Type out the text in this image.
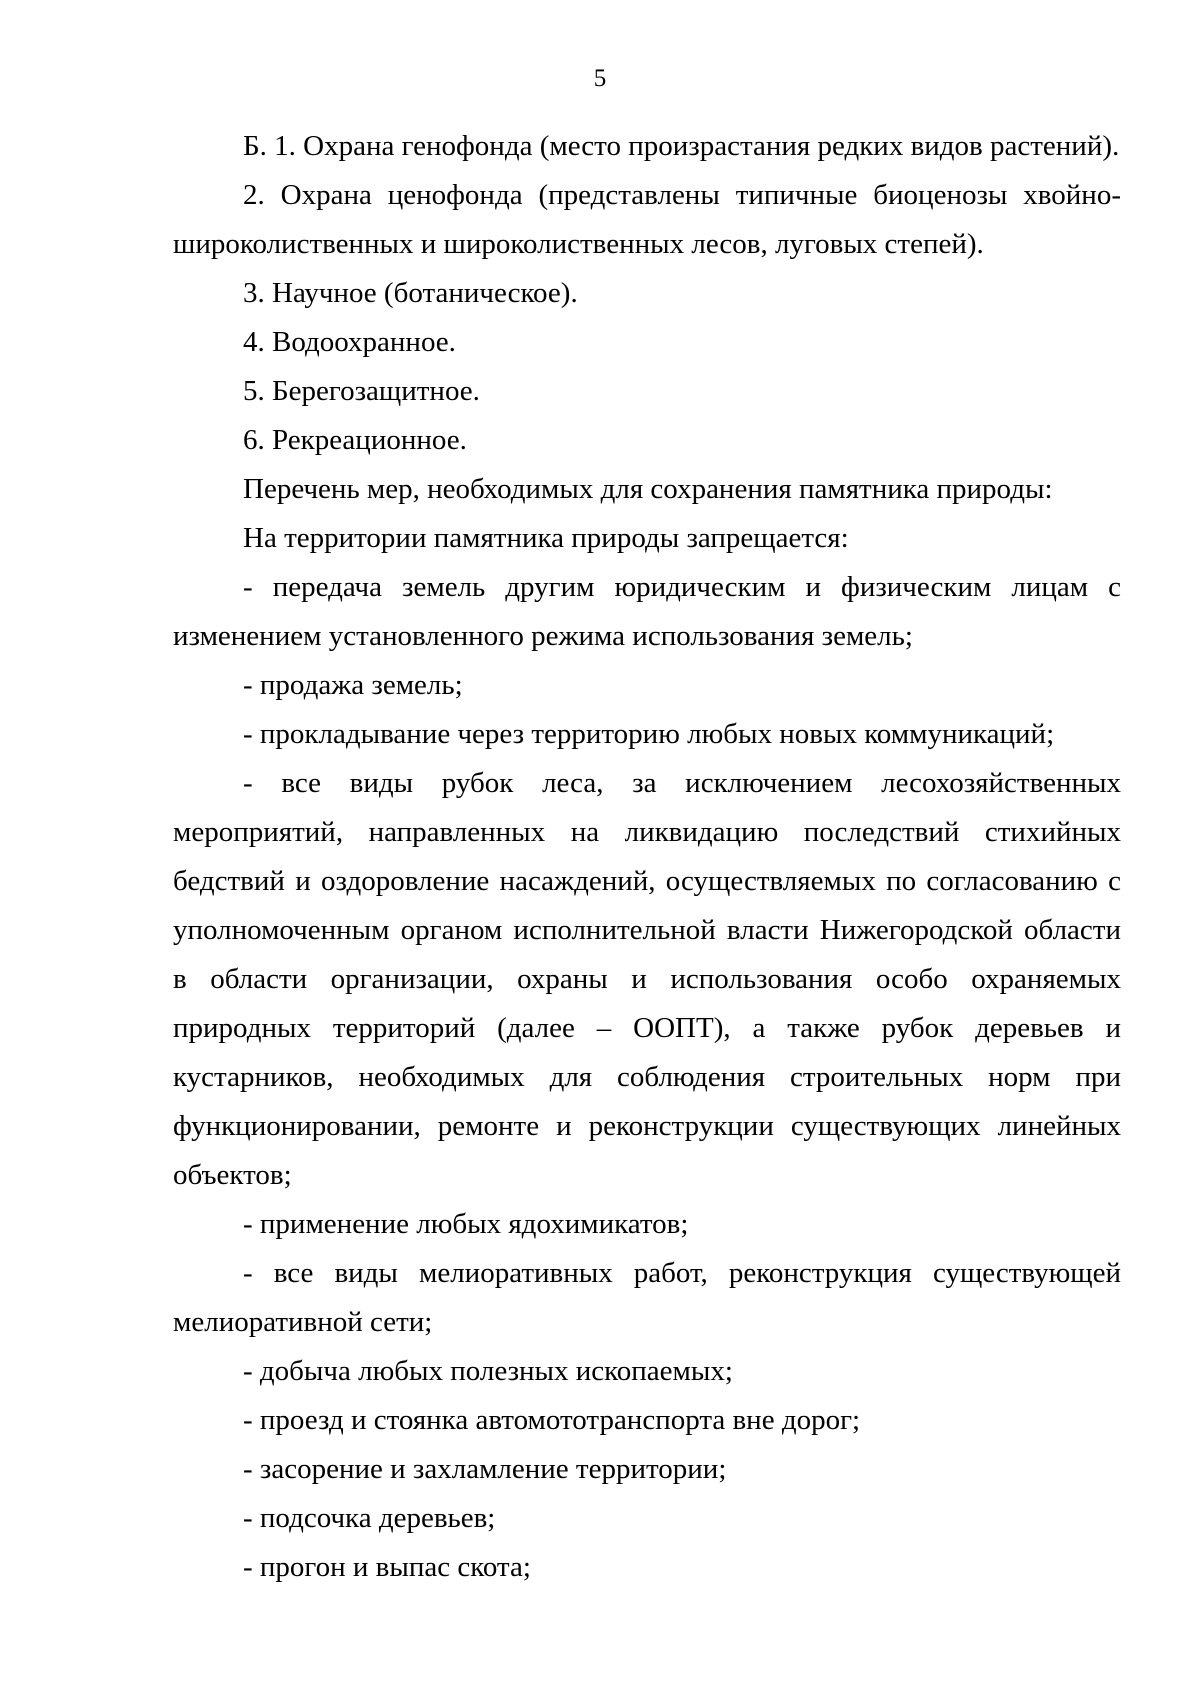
5

Б. 1. Охрана генофонда (место произрастания редких видов растений).

2. Охрана ценофонда (представлены типичные биоценозы хвойно-широколиственных и широколиственных лесов, луговых степей).

3. Научное (ботаническое).

4. Водоохранное.

5. Берегозащитное.

6. Рекреационное.

Перечень мер, необходимых для сохранения памятника природы:

На территории памятника природы запрещается:

- передача земель другим юридическим и физическим лицам с изменением установленного режима использования земель;

- продажа земель;

- прокладывание через территорию любых новых коммуникаций;

- все виды рубок леса, за исключением лесохозяйственных мероприятий, направленных на ликвидацию последствий стихийных бедствий и оздоровление насаждений, осуществляемых по согласованию с уполномоченным органом исполнительной власти Нижегородской области в области организации, охраны и использования особо охраняемых природных территорий (далее – ООПТ), а также рубок деревьев и кустарников, необходимых для соблюдения строительных норм при функционировании, ремонте и реконструкции существующих линейных объектов;

- применение любых ядохимикатов;

- все виды мелиоративных работ, реконструкция существующей мелиоративной сети;

- добыча любых полезных ископаемых;

- проезд и стоянка автомототранспорта вне дорог;

- засорение и захламление территории;

- подсочка деревьев;

- прогон и выпас скота;
